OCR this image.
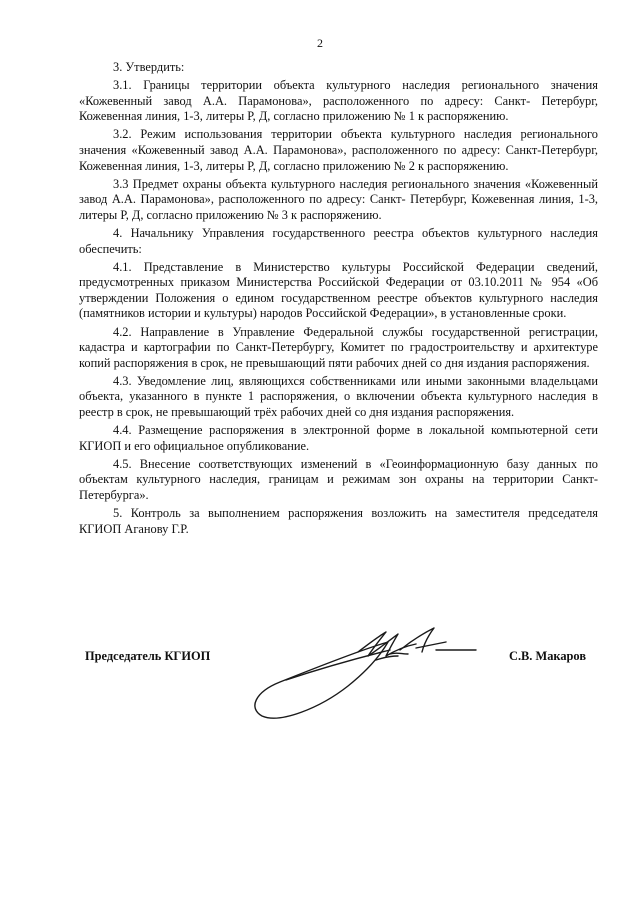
2

3. Утвердить:

3.1. Границы территории объекта культурного наследия регионального значения «Кожевенный завод А.А. Парамонова», расположенного по адресу: Санкт- Петербург, Кожевенная линия, 1-3, литеры Р, Д, согласно приложению № 1 к распоряжению.

3.2. Режим использования территории объекта культурного наследия регионального значения «Кожевенный завод А.А. Парамонова», расположенного по адресу: Санкт-Петербург, Кожевенная линия, 1-3, литеры Р, Д, согласно приложению № 2 к распоряжению.

3.3 Предмет охраны объекта культурного наследия регионального значения «Кожевенный завод А.А. Парамонова», расположенного по адресу: Санкт- Петербург, Кожевенная линия, 1-3, литеры Р, Д, согласно приложению № 3 к распоряжению.

4. Начальнику Управления государственного реестра объектов культурного наследия обеспечить:

4.1. Представление в Министерство культуры Российской Федерации сведений, предусмотренных приказом Министерства Российской Федерации от 03.10.2011 № 954 «Об утверждении Положения о едином государственном реестре объектов культурного наследия (памятников истории и культуры) народов Российской Федерации», в установленные сроки.

4.2. Направление в Управление Федеральной службы государственной регистрации, кадастра и картографии по Санкт-Петербургу, Комитет по градостроительству и архитектуре копий распоряжения в срок, не превышающий пяти рабочих дней со дня издания распоряжения.

4.3. Уведомление лиц, являющихся собственниками или иными законными владельцами объекта, указанного в пункте 1 распоряжения, о включении объекта культурного наследия в реестр в срок, не превышающий трёх рабочих дней со дня издания распоряжения.

4.4. Размещение распоряжения в электронной форме в локальной компьютерной сети КГИОП и его официальное опубликование.

4.5. Внесение соответствующих изменений в «Геоинформационную базу данных по объектам культурного наследия, границам и режимам зон охраны на территории Санкт-Петербурга».

5. Контроль за выполнением распоряжения возложить на заместителя председателя КГИОП Аганову Г.Р.

Председатель КГИОП	С.В. Макаров
